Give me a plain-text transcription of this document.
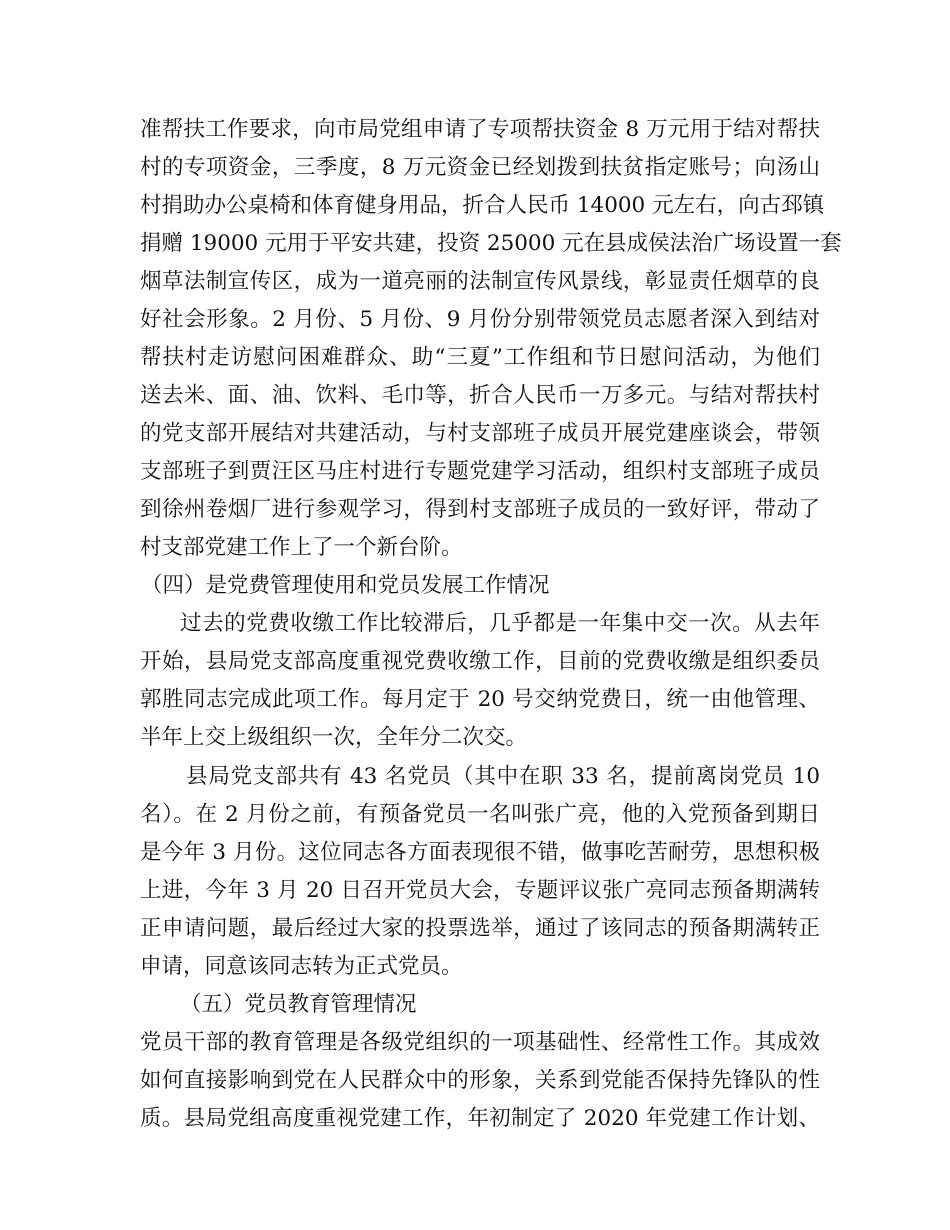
准帮扶工作要求，向市局党组申请了专项帮扶资金 8 万元用于结对帮扶
村的专项资金，三季度，8 万元资金已经划拨到扶贫指定账号；向汤山
村捐助办公桌椅和体育健身用品，折合人民币 14000 元左右，向古邳镇
捐赠 19000 元用于平安共建，投资 25000 元在县成侯法治广场设置一套
烟草法制宣传区，成为一道亮丽的法制宣传风景线，彰显责任烟草的良
好社会形象。2 月份、5 月份、9 月份分别带领党员志愿者深入到结对
帮扶村走访慰问困难群众、助“三夏”工作组和节日慰问活动，为他们
送去米、面、油、饮料、毛巾等，折合人民币一万多元。与结对帮扶村
的党支部开展结对共建活动，与村支部班子成员开展党建座谈会，带领
支部班子到贾汪区马庄村进行专题党建学习活动，组织村支部班子成员
到徐州卷烟厂进行参观学习，得到村支部班子成员的一致好评，带动了
村支部党建工作上了一个新台阶。
（四）是党费管理使用和党员发展工作情况
过去的党费收缴工作比较滞后，几乎都是一年集中交一次。从去年
开始，县局党支部高度重视党费收缴工作，目前的党费收缴是组织委员
郭胜同志完成此项工作。每月定于 20 号交纳党费日，统一由他管理、
半年上交上级组织一次，全年分二次交。
县局党支部共有 43 名党员（其中在职 33 名，提前离岗党员 10
名）。在 2 月份之前，有预备党员一名叫张广亮，他的入党预备到期日
是今年 3 月份。这位同志各方面表现很不错，做事吃苦耐劳，思想积极
上进，今年 3 月 20 日召开党员大会，专题评议张广亮同志预备期满转
正申请问题，最后经过大家的投票选举，通过了该同志的预备期满转正
申请，同意该同志转为正式党员。
（五）党员教育管理情况
党员干部的教育管理是各级党组织的一项基础性、经常性工作。其成效
如何直接影响到党在人民群众中的形象，关系到党能否保持先锋队的性
质。县局党组高度重视党建工作，年初制定了 2020 年党建工作计划、
